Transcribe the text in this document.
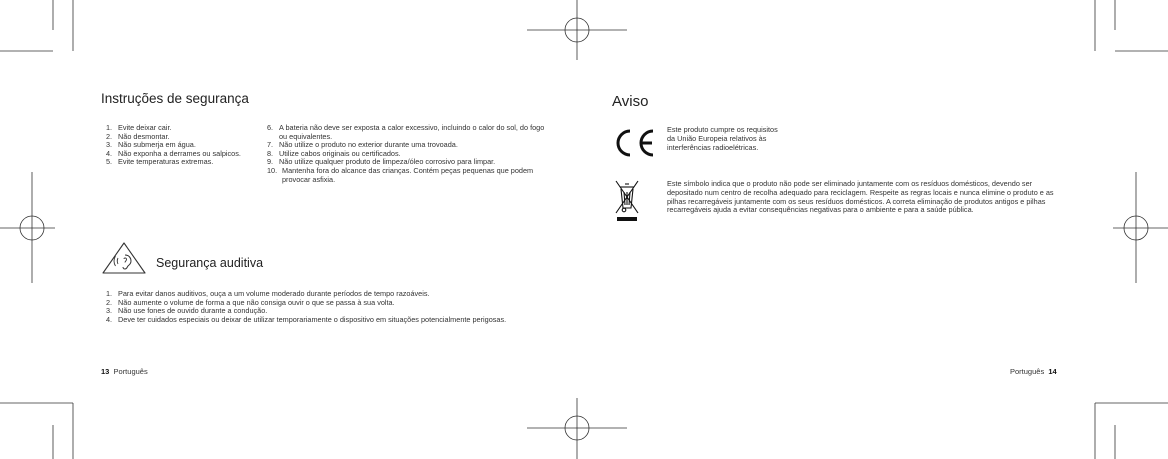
Instruções de segurança
1. Evite deixar cair.
2. Não desmontar.
3. Não submerja em água.
4. Não exponha a derrames ou salpicos.
5. Evite temperaturas extremas.
6. A bateria não deve ser exposta a calor excessivo, incluindo o calor do sol, do fogo ou equivalentes.
7. Não utilize o produto no exterior durante uma trovoada.
8. Utilize cabos originais ou certificados.
9. Não utilize qualquer produto de limpeza/óleo corrosivo para limpar.
10. Mantenha fora do alcance das crianças. Contém peças pequenas que podem provocar asfixia.
Segurança auditiva
1. Para evitar danos auditivos, ouça a um volume moderado durante períodos de tempo razoáveis.
2. Não aumente o volume de forma a que não consiga ouvir o que se passa à sua volta.
3. Não use fones de ouvido durante a condução.
4. Deve ter cuidados especiais ou deixar de utilizar temporariamente o dispositivo em situações potencialmente perigosas.
13 Português
Aviso
Este produto cumpre os requisitos da União Europeia relativos às interferências radioelétricas.
Este símbolo indica que o produto não pode ser eliminado juntamente com os resíduos domésticos, devendo ser depositado num centro de recolha adequado para reciclagem. Respeite as regras locais e nunca elimine o produto e as pilhas recarregáveis juntamente com os seus resíduos domésticos. A correta eliminação de produtos antigos e pilhas recarregáveis ajuda a evitar consequências negativas para o ambiente e para a saúde pública.
Português 14
